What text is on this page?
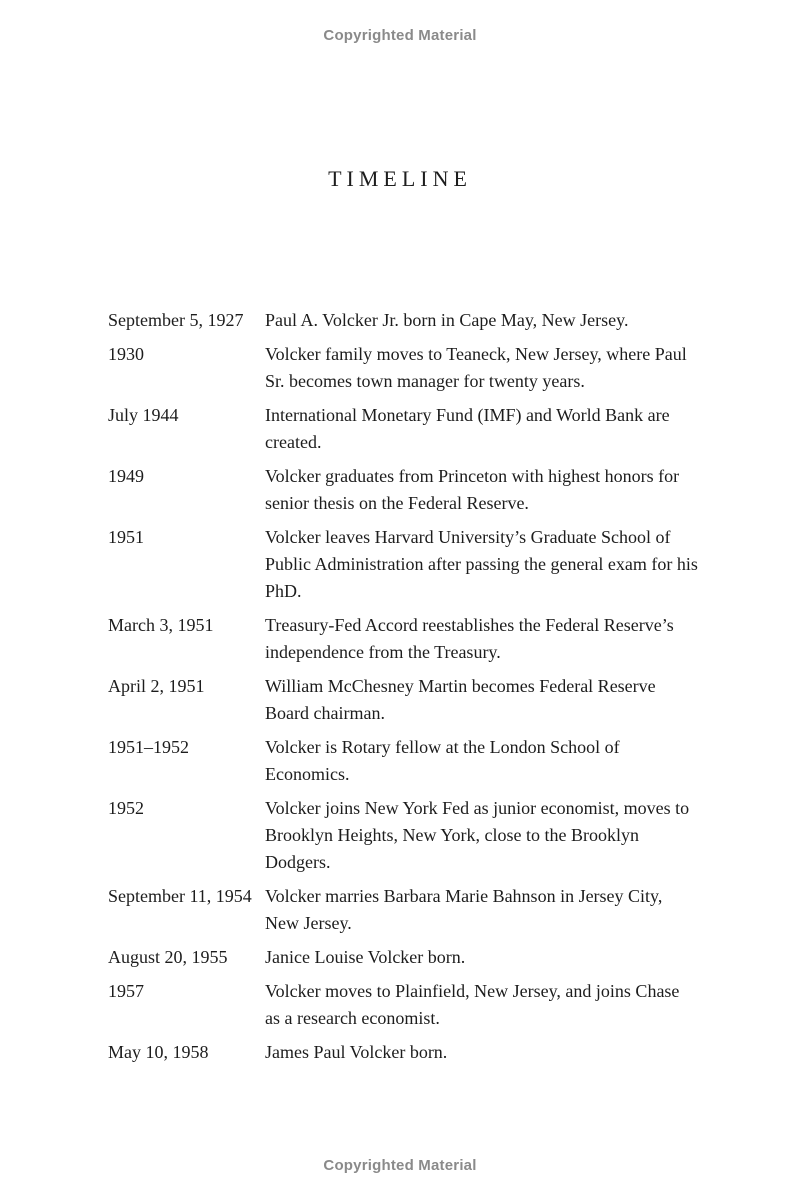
Copyrighted Material
TIMELINE
September 5, 1927	Paul A. Volcker Jr. born in Cape May, New Jersey.
1930	Volcker family moves to Teaneck, New Jersey, where Paul Sr. becomes town manager for twenty years.
July 1944	International Monetary Fund (IMF) and World Bank are created.
1949	Volcker graduates from Princeton with highest honors for senior thesis on the Federal Reserve.
1951	Volcker leaves Harvard University’s Graduate School of Public Administration after passing the general exam for his PhD.
March 3, 1951	Treasury-Fed Accord reestablishes the Federal Reserve’s independence from the Treasury.
April 2, 1951	William McChesney Martin becomes Federal Reserve Board chairman.
1951–1952	Volcker is Rotary fellow at the London School of Economics.
1952	Volcker joins New York Fed as junior economist, moves to Brooklyn Heights, New York, close to the Brooklyn Dodgers.
September 11, 1954 Volcker marries Barbara Marie Bahnson in Jersey City, New Jersey.
August 20, 1955	Janice Louise Volcker born.
1957	Volcker moves to Plainfield, New Jersey, and joins Chase as a research economist.
May 10, 1958	James Paul Volcker born.
Copyrighted Material
